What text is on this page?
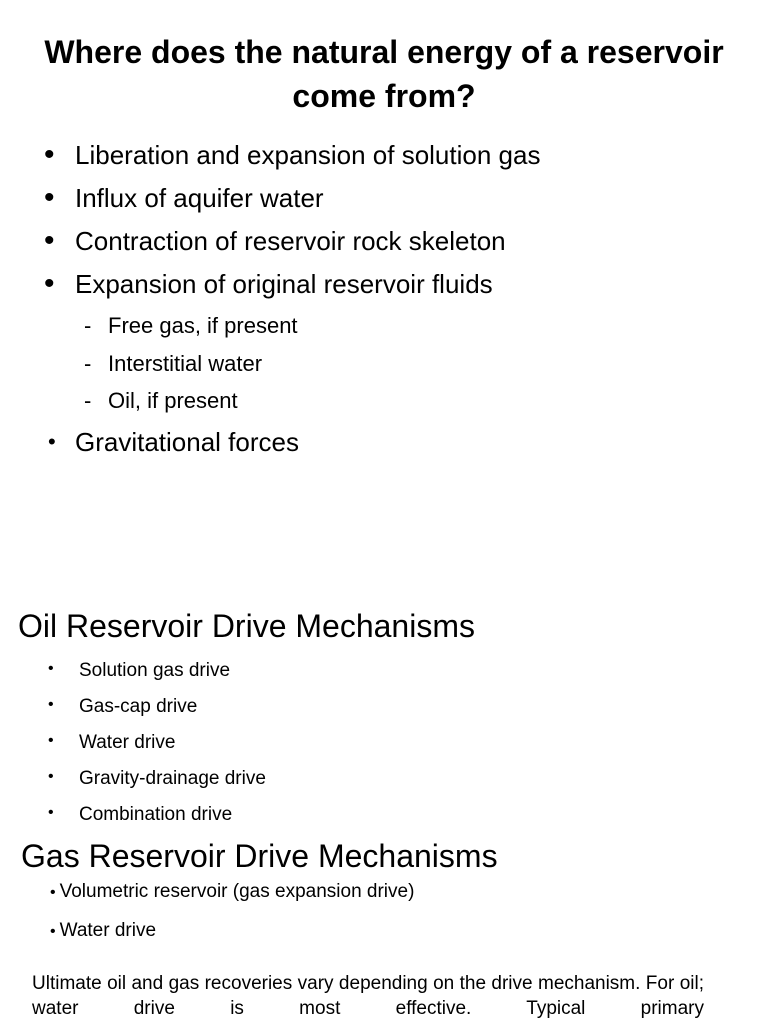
Where does the natural energy of a reservoir come from?
• Liberation and expansion of solution gas
• Influx of aquifer water
• Contraction of reservoir rock skeleton
• Expansion of original reservoir fluids
- Free gas, if present
- Interstitial water
- Oil, if present
• Gravitational forces
Oil Reservoir Drive Mechanisms
• Solution gas drive
• Gas-cap drive
• Water drive
• Gravity-drainage drive
• Combination drive
Gas Reservoir Drive Mechanisms
• Volumetric reservoir (gas expansion drive)
• Water drive

Ultimate oil and gas recoveries vary depending on the drive mechanism. For oil; water drive is most effective. Typical primary
